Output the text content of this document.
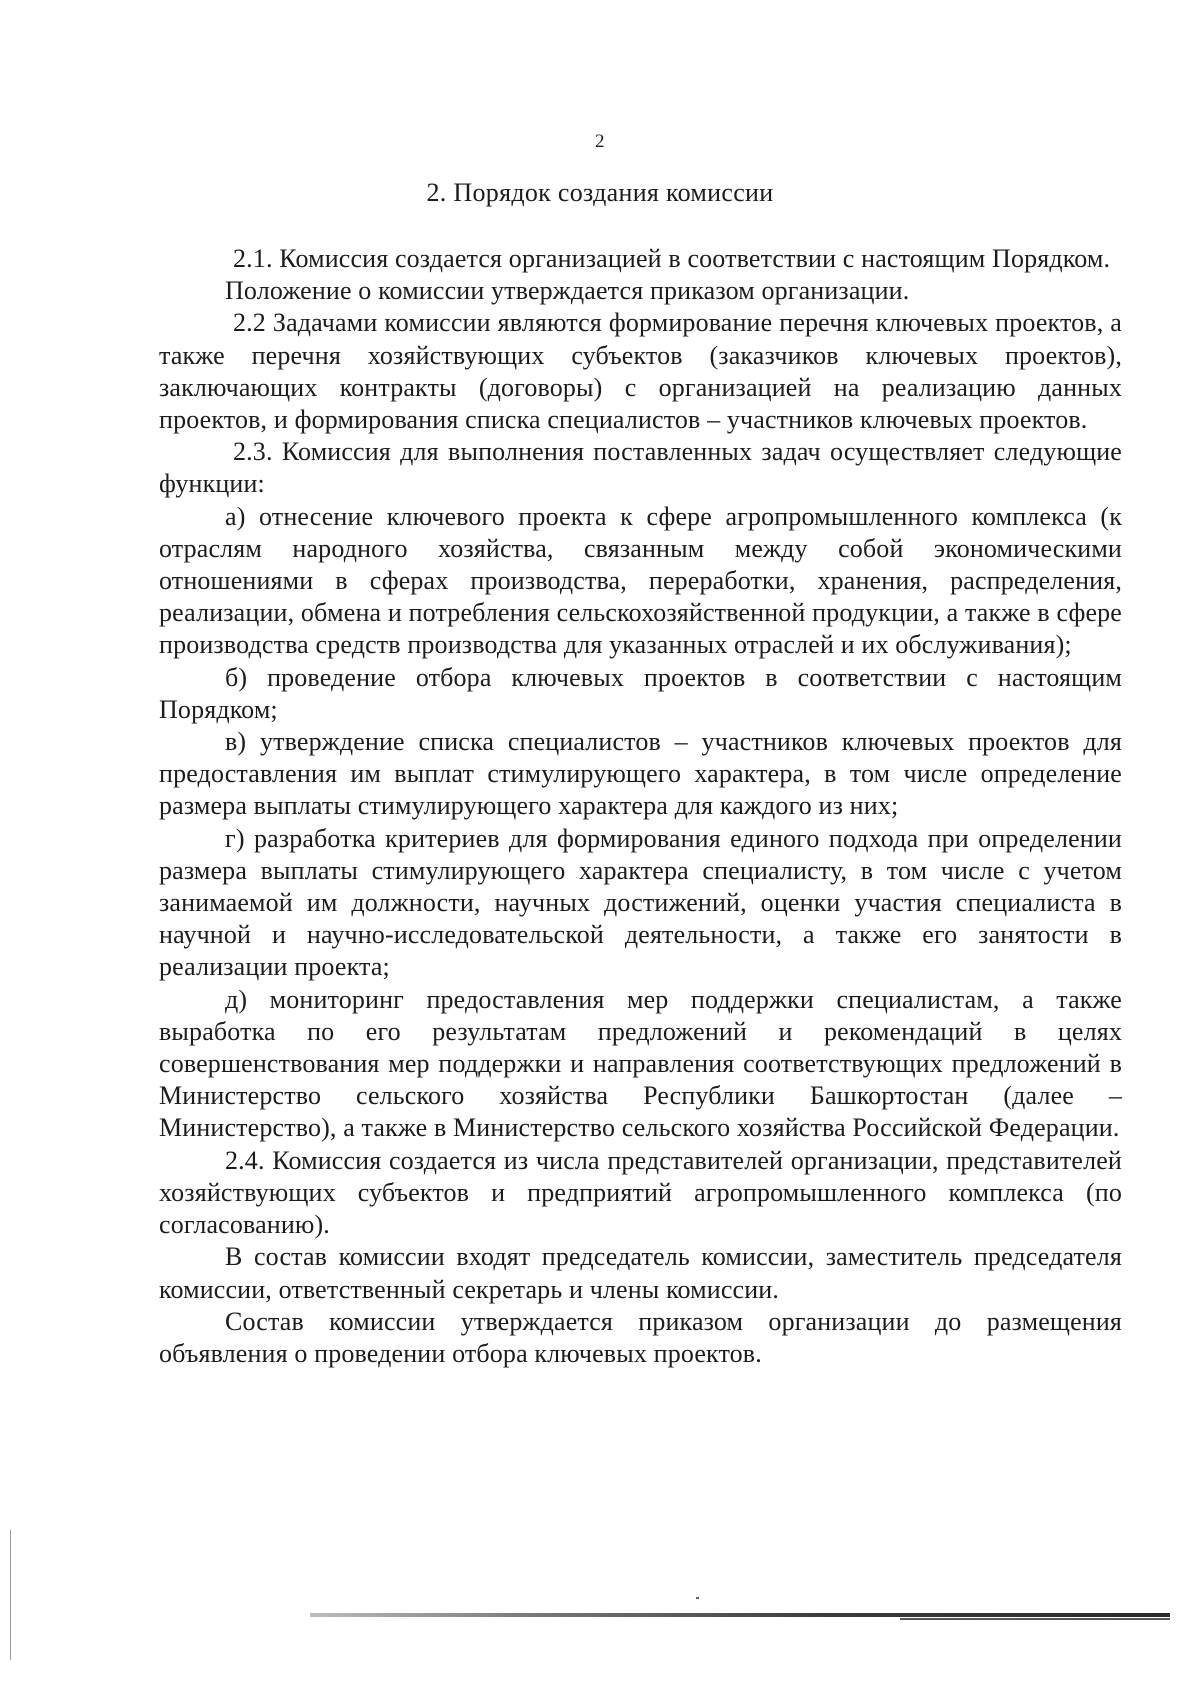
2
2. Порядок создания комиссии

2.1. Комиссия создается организацией в соответствии с настоящим Порядком.

Положение о комиссии утверждается приказом организации.

2.2 Задачами комиссии являются формирование перечня ключевых проектов, а также перечня хозяйствующих субъектов (заказчиков ключевых проектов), заключающих контракты (договоры) с организацией на реализацию данных проектов, и формирования списка специалистов – участников ключевых проектов.

2.3. Комиссия для выполнения поставленных задач осуществляет следующие функции:

а) отнесение ключевого проекта к сфере агропромышленного комплекса (к отраслям народного хозяйства, связанным между собой экономическими отношениями в сферах производства, переработки, хранения, распределения, реализации, обмена и потребления сельскохозяйственной продукции, а также в сфере производства средств производства для указанных отраслей и их обслуживания);

б) проведение отбора ключевых проектов в соответствии с настоящим Порядком;

в) утверждение списка специалистов – участников ключевых проектов для предоставления им выплат стимулирующего характера, в том числе определение размера выплаты стимулирующего характера для каждого из них;

г) разработка критериев для формирования единого подхода при определении размера выплаты стимулирующего характера специалисту, в том числе с учетом занимаемой им должности, научных достижений, оценки участия специалиста в научной и научно-исследовательской деятельности, а также его занятости в реализации проекта;

д) мониторинг предоставления мер поддержки специалистам, а также выработка по его результатам предложений и рекомендаций в целях совершенствования мер поддержки и направления соответствующих предложений в Министерство сельского хозяйства Республики Башкортостан (далее – Министерство), а также в Министерство сельского хозяйства Российской Федерации.

2.4. Комиссия создается из числа представителей организации, представителей хозяйствующих субъектов и предприятий агропромышленного комплекса (по согласованию).

В состав комиссии входят председатель комиссии, заместитель председателя комиссии, ответственный секретарь и члены комиссии.

Состав комиссии утверждается приказом организации до размещения объявления о проведении отбора ключевых проектов.
